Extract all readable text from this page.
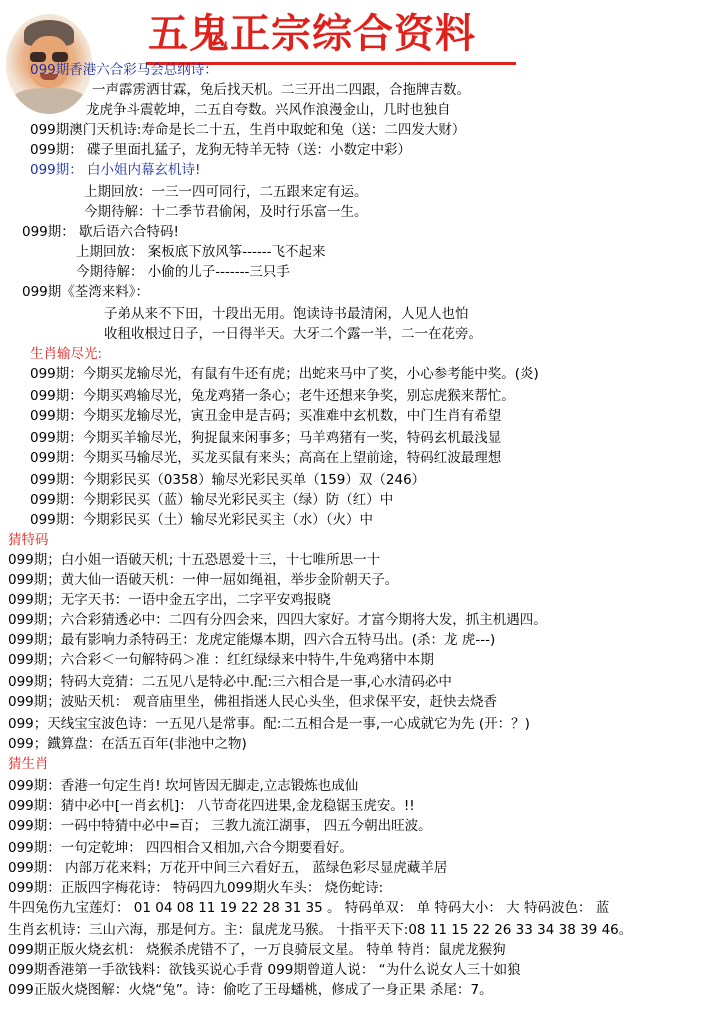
五鬼正宗综合资料
099期香港六合彩马会总纲诗：
一声霹雳洒甘霖，兔后找天机。二三开出二四跟，合拖牌吉数。
龙虎争斗震乾坤，二五自夸数。兴风作浪漫金山，几时也独自
099期澳门天机诗:寿命是长二十五，生肖中取蛇和兔（送：二四发大财）
099期： 碟子里面扎猛子，龙狗无特羊无特（送：小数定中彩）
099期： 白小姐内幕玄机诗!
上期回放：一三一四可同行，二五跟来定有运。
今期待解：十二季节君偷闲，及时行乐富一生。
099期： 歇后语六合特码!
上期回放： 案板底下放风筝------飞不起来
今期待解： 小偷的儿子-------三只手
099期《荃湾来料》：
子弟从来不下田，十段出无用。饱读诗书最清闲，人见人也怕
收租收根过日子，一日得半天。大牙二个露一半，二一在花旁。
生肖输尽光:
099期：今期买龙输尽光，有鼠有牛还有虎；出蛇来马中了奖，小心参考能中奖。(炎)
099期：今期买鸡输尽光，兔龙鸡猪一条心；老牛还想来争奖，别忘虎猴来帮忙。
099期：今期买龙输尽光，寅丑金申是吉码；买准难中玄机数，中门生肖有希望
099期：今期买羊输尽光，狗捉鼠来闲事多；马羊鸡猪有一奖，特码玄机最浅显
099期：今期买马输尽光，买龙买鼠有来头；高高在上望前途，特码红波最理想
099期：今期彩民买（0358）输尽光彩民买单（159）双（246）
099期：今期彩民买（蓝）输尽光彩民买主（绿）防（红）中
099期：今期彩民买（土）输尽光彩民买主（水）（火）中
猜特码
099期；白小姐一语破天机; 十五恐恩爱十三，十七唯所思一十
099期；黄大仙一语破天机：一伸一屈如绳祖，举步金阶朝天子。
099期；无字天书：一语中金五字出，二字平安鸡报晓
099期；六合彩猜透必中：二四有分四会来，四四大家好。才富今期将大发，抓主机遇四。
099期；最有影响力杀特码王：龙虎定能爆本期，四六合五特马出。(杀：龙 虎---)
099期；六合彩＜一句解特码＞准 ：红红绿绿来中特牛,牛兔鸡猪中本期
099期；特码大竞猜：二五见八是特必中.配:三六相合是一事,心水清码必中
099期；波贴天机： 观音庙里坐，佛祖指迷人民心头坐，但求保平安，赶快去烧香
099；天线宝宝波色诗：一五见八是常事。配:二五相合是一事,一心成就它为先 (开：？)
099；鐡算盘：在活五百年(非池中之物)
猜生肖
099期：香港一句定生肖! 坎坷皆因无脚走,立志锻炼也成仙
099期：猜中必中[一肖玄机]： 八节奇花四进果,金龙稳锯玉虎安。!!
099期：一码中特猜中必中=百； 三教九流江湖事， 四五今朝出旺波。
099期：一句定乾坤： 四四相合又相加,六合今期要看好。
099期： 内部万花来料；万花开中间三六看好五， 蓝绿色彩尽显虎藏羊居
099期：正版四字梅花诗： 特码四九099期火车头： 烧伤蛇诗:
牛四兔伤九宝莲灯： 01 04 08 11 19 22 28 31 35 。 特码单双： 单 特码大小： 大 特码波色： 蓝
生肖玄机诗：三山六海，那是何方。主：鼠虎龙马猴。 十指平天下:08 11 15 22 26 33 34 38 39 46。
099期正版火烧玄机： 烧猴杀虎错不了，一万良骑辰文星。 特单 特肖：鼠虎龙猴狗
099期香港第一手欲钱料：欲钱买说心手背 099期曾道人说： “为什么说女人三十如狼
099正版火烧图解：火烧“兔”。诗：偷吃了王母蟠桃，修成了一身正果 杀尾：7。
